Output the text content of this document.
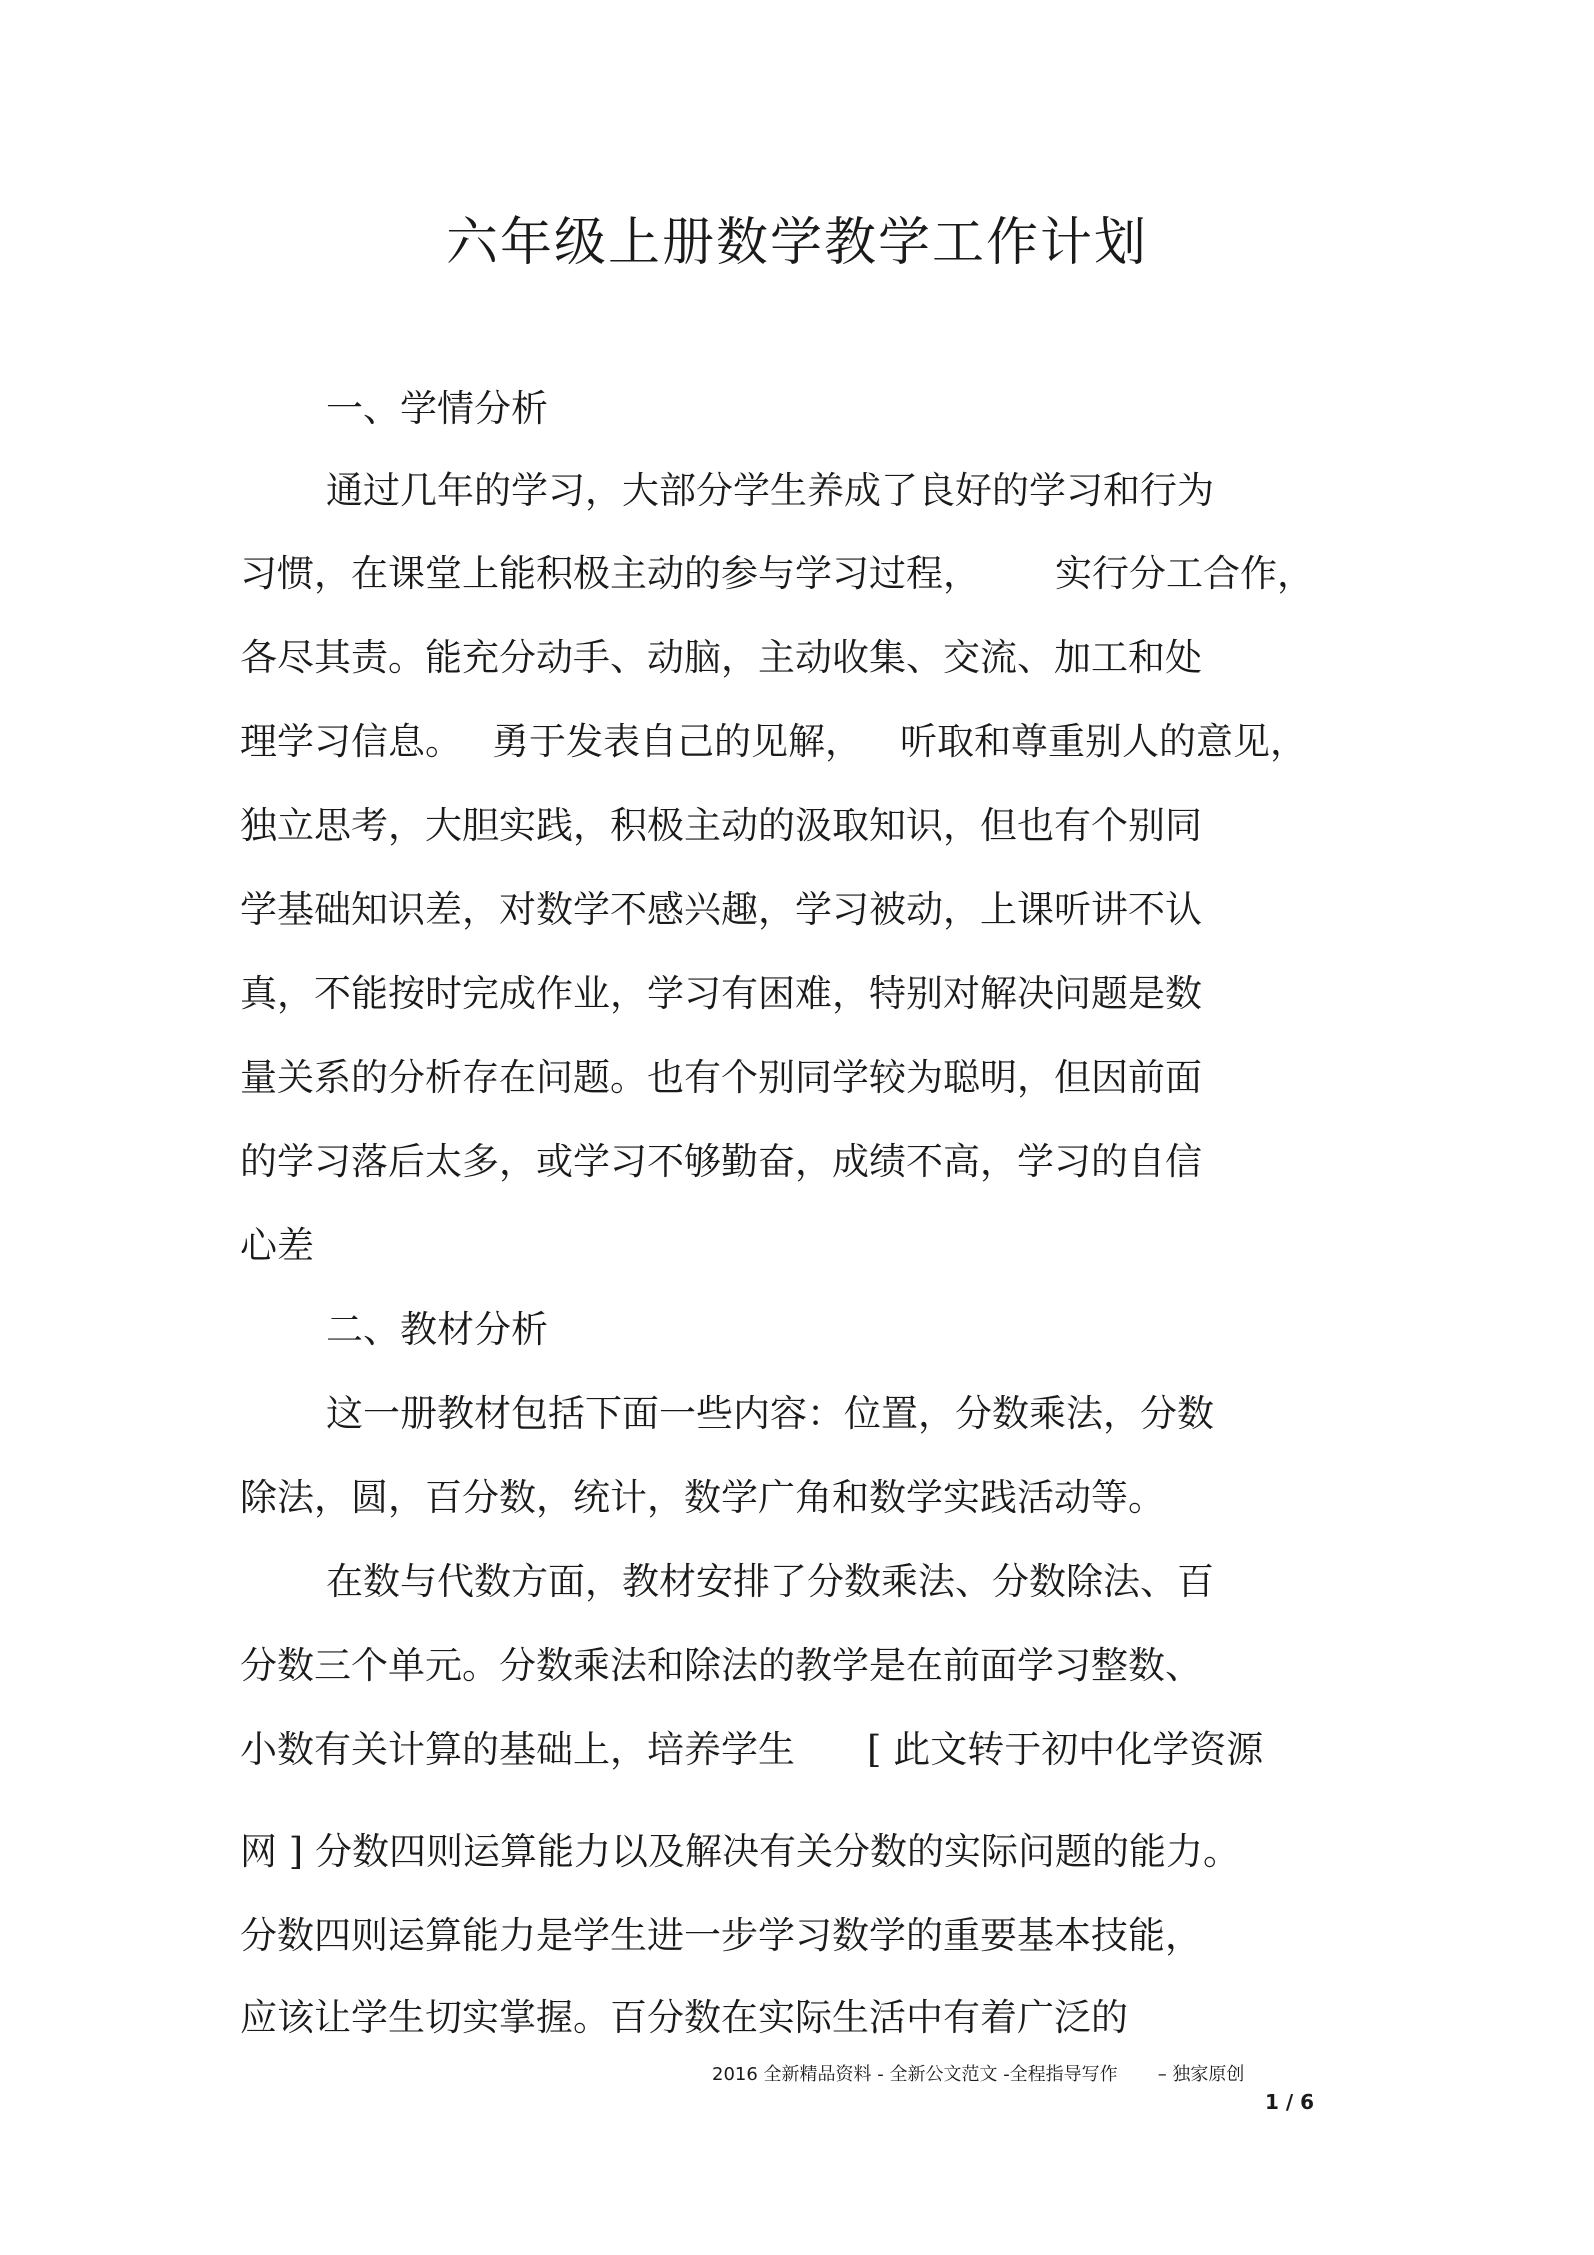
六年级上册数学教学工作计划

一、学情分析

通过几年的学习，大部分学生养成了良好的学习和行为

习惯，在课堂上能积极主动的参与学习过程， 实行分工合作，

各尽其责。能充分动手、动脑，主动收集、交流、加工和处

理学习信息。 勇于发表自己的见解， 听取和尊重别人的意见，

独立思考，大胆实践，积极主动的汲取知识，但也有个别同

学基础知识差，对数学不感兴趣，学习被动，上课听讲不认

真，不能按时完成作业，学习有困难，特别对解决问题是数

量关系的分析存在问题。也有个别同学较为聪明，但因前面

的学习落后太多，或学习不够勤奋，成绩不高，学习的自信

心差

二、教材分析

这一册教材包括下面一些内容：位置，分数乘法，分数

除法，圆，百分数，统计，数学广角和数学实践活动等。

在数与代数方面，教材安排了分数乘法、分数除法、百

分数三个单元。分数乘法和除法的教学是在前面学习整数、

小数有关计算的基础上，培养学生 [ 此文转于初中化学资源

网 ] 分数四则运算能力以及解决有关分数的实际问题的能力。

分数四则运算能力是学生进一步学习数学的重要基本技能，

应该让学生切实掌握。百分数在实际生活中有着广泛的

2016 全新精品资料 - 全新公文范文 -全程指导写作 – 独家原创

1 / 6
